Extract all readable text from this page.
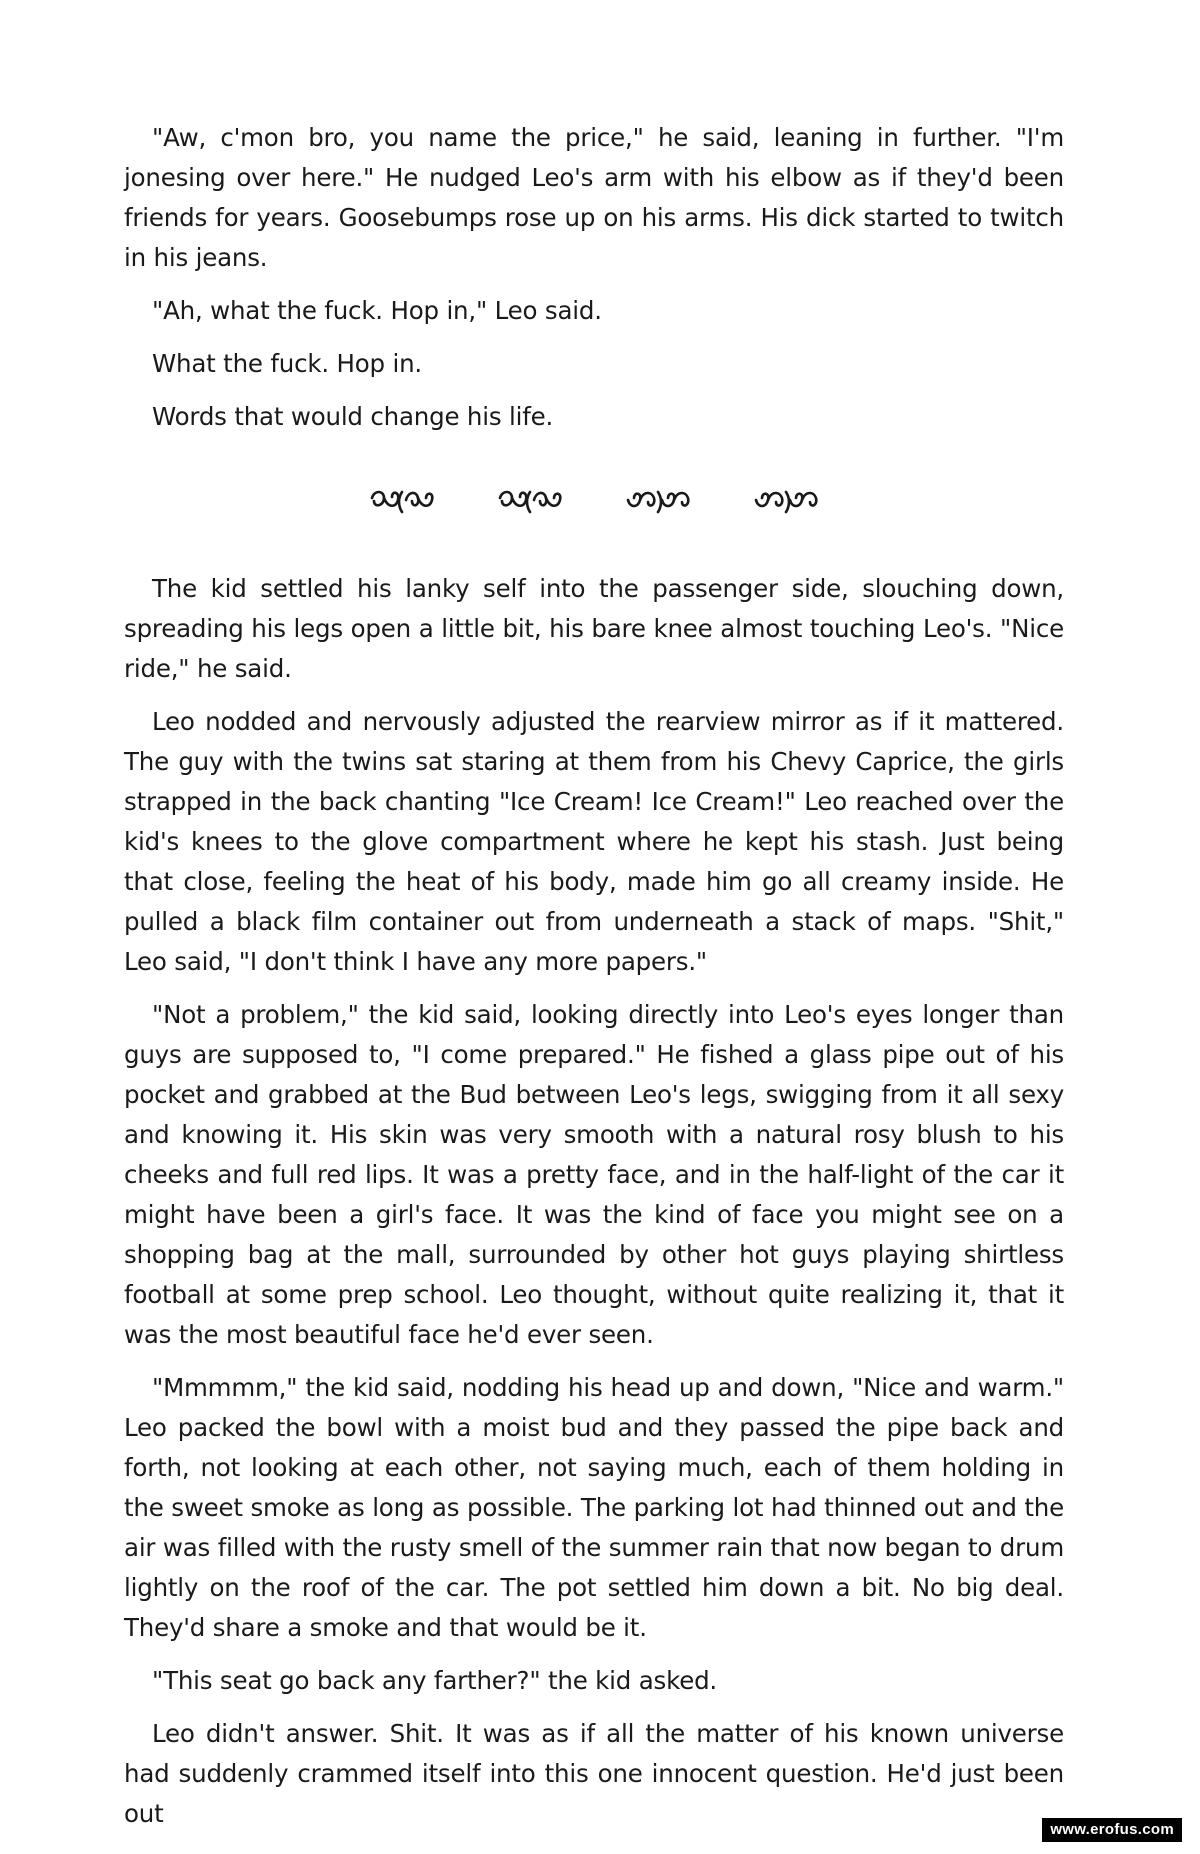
"Aw, c'mon bro, you name the price," he said, leaning in further. "I'm jonesing over here." He nudged Leo's arm with his elbow as if they'd been friends for years. Goosebumps rose up on his arms. His dick started to twitch in his jeans.

"Ah, what the fuck. Hop in," Leo said.

What the fuck. Hop in.

Words that would change his life.

The kid settled his lanky self into the passenger side, slouching down, spreading his legs open a little bit, his bare knee almost touching Leo's. "Nice ride," he said.

Leo nodded and nervously adjusted the rearview mirror as if it mattered. The guy with the twins sat staring at them from his Chevy Caprice, the girls strapped in the back chanting "Ice Cream! Ice Cream!" Leo reached over the kid's knees to the glove compartment where he kept his stash. Just being that close, feeling the heat of his body, made him go all creamy inside. He pulled a black film container out from underneath a stack of maps. "Shit," Leo said, "I don't think I have any more papers."

"Not a problem," the kid said, looking directly into Leo's eyes longer than guys are supposed to, "I come prepared." He fished a glass pipe out of his pocket and grabbed at the Bud between Leo's legs, swigging from it all sexy and knowing it. His skin was very smooth with a natural rosy blush to his cheeks and full red lips. It was a pretty face, and in the half-light of the car it might have been a girl's face. It was the kind of face you might see on a shopping bag at the mall, surrounded by other hot guys playing shirtless football at some prep school. Leo thought, without quite realizing it, that it was the most beautiful face he'd ever seen.

"Mmmmm," the kid said, nodding his head up and down, "Nice and warm." Leo packed the bowl with a moist bud and they passed the pipe back and forth, not looking at each other, not saying much, each of them holding in the sweet smoke as long as possible. The parking lot had thinned out and the air was filled with the rusty smell of the summer rain that now began to drum lightly on the roof of the car. The pot settled him down a bit. No big deal. They'd share a smoke and that would be it.

"This seat go back any farther?" the kid asked.

Leo didn't answer. Shit. It was as if all the matter of his known universe had suddenly crammed itself into this one innocent question. He'd just been out

www.erofus.com
